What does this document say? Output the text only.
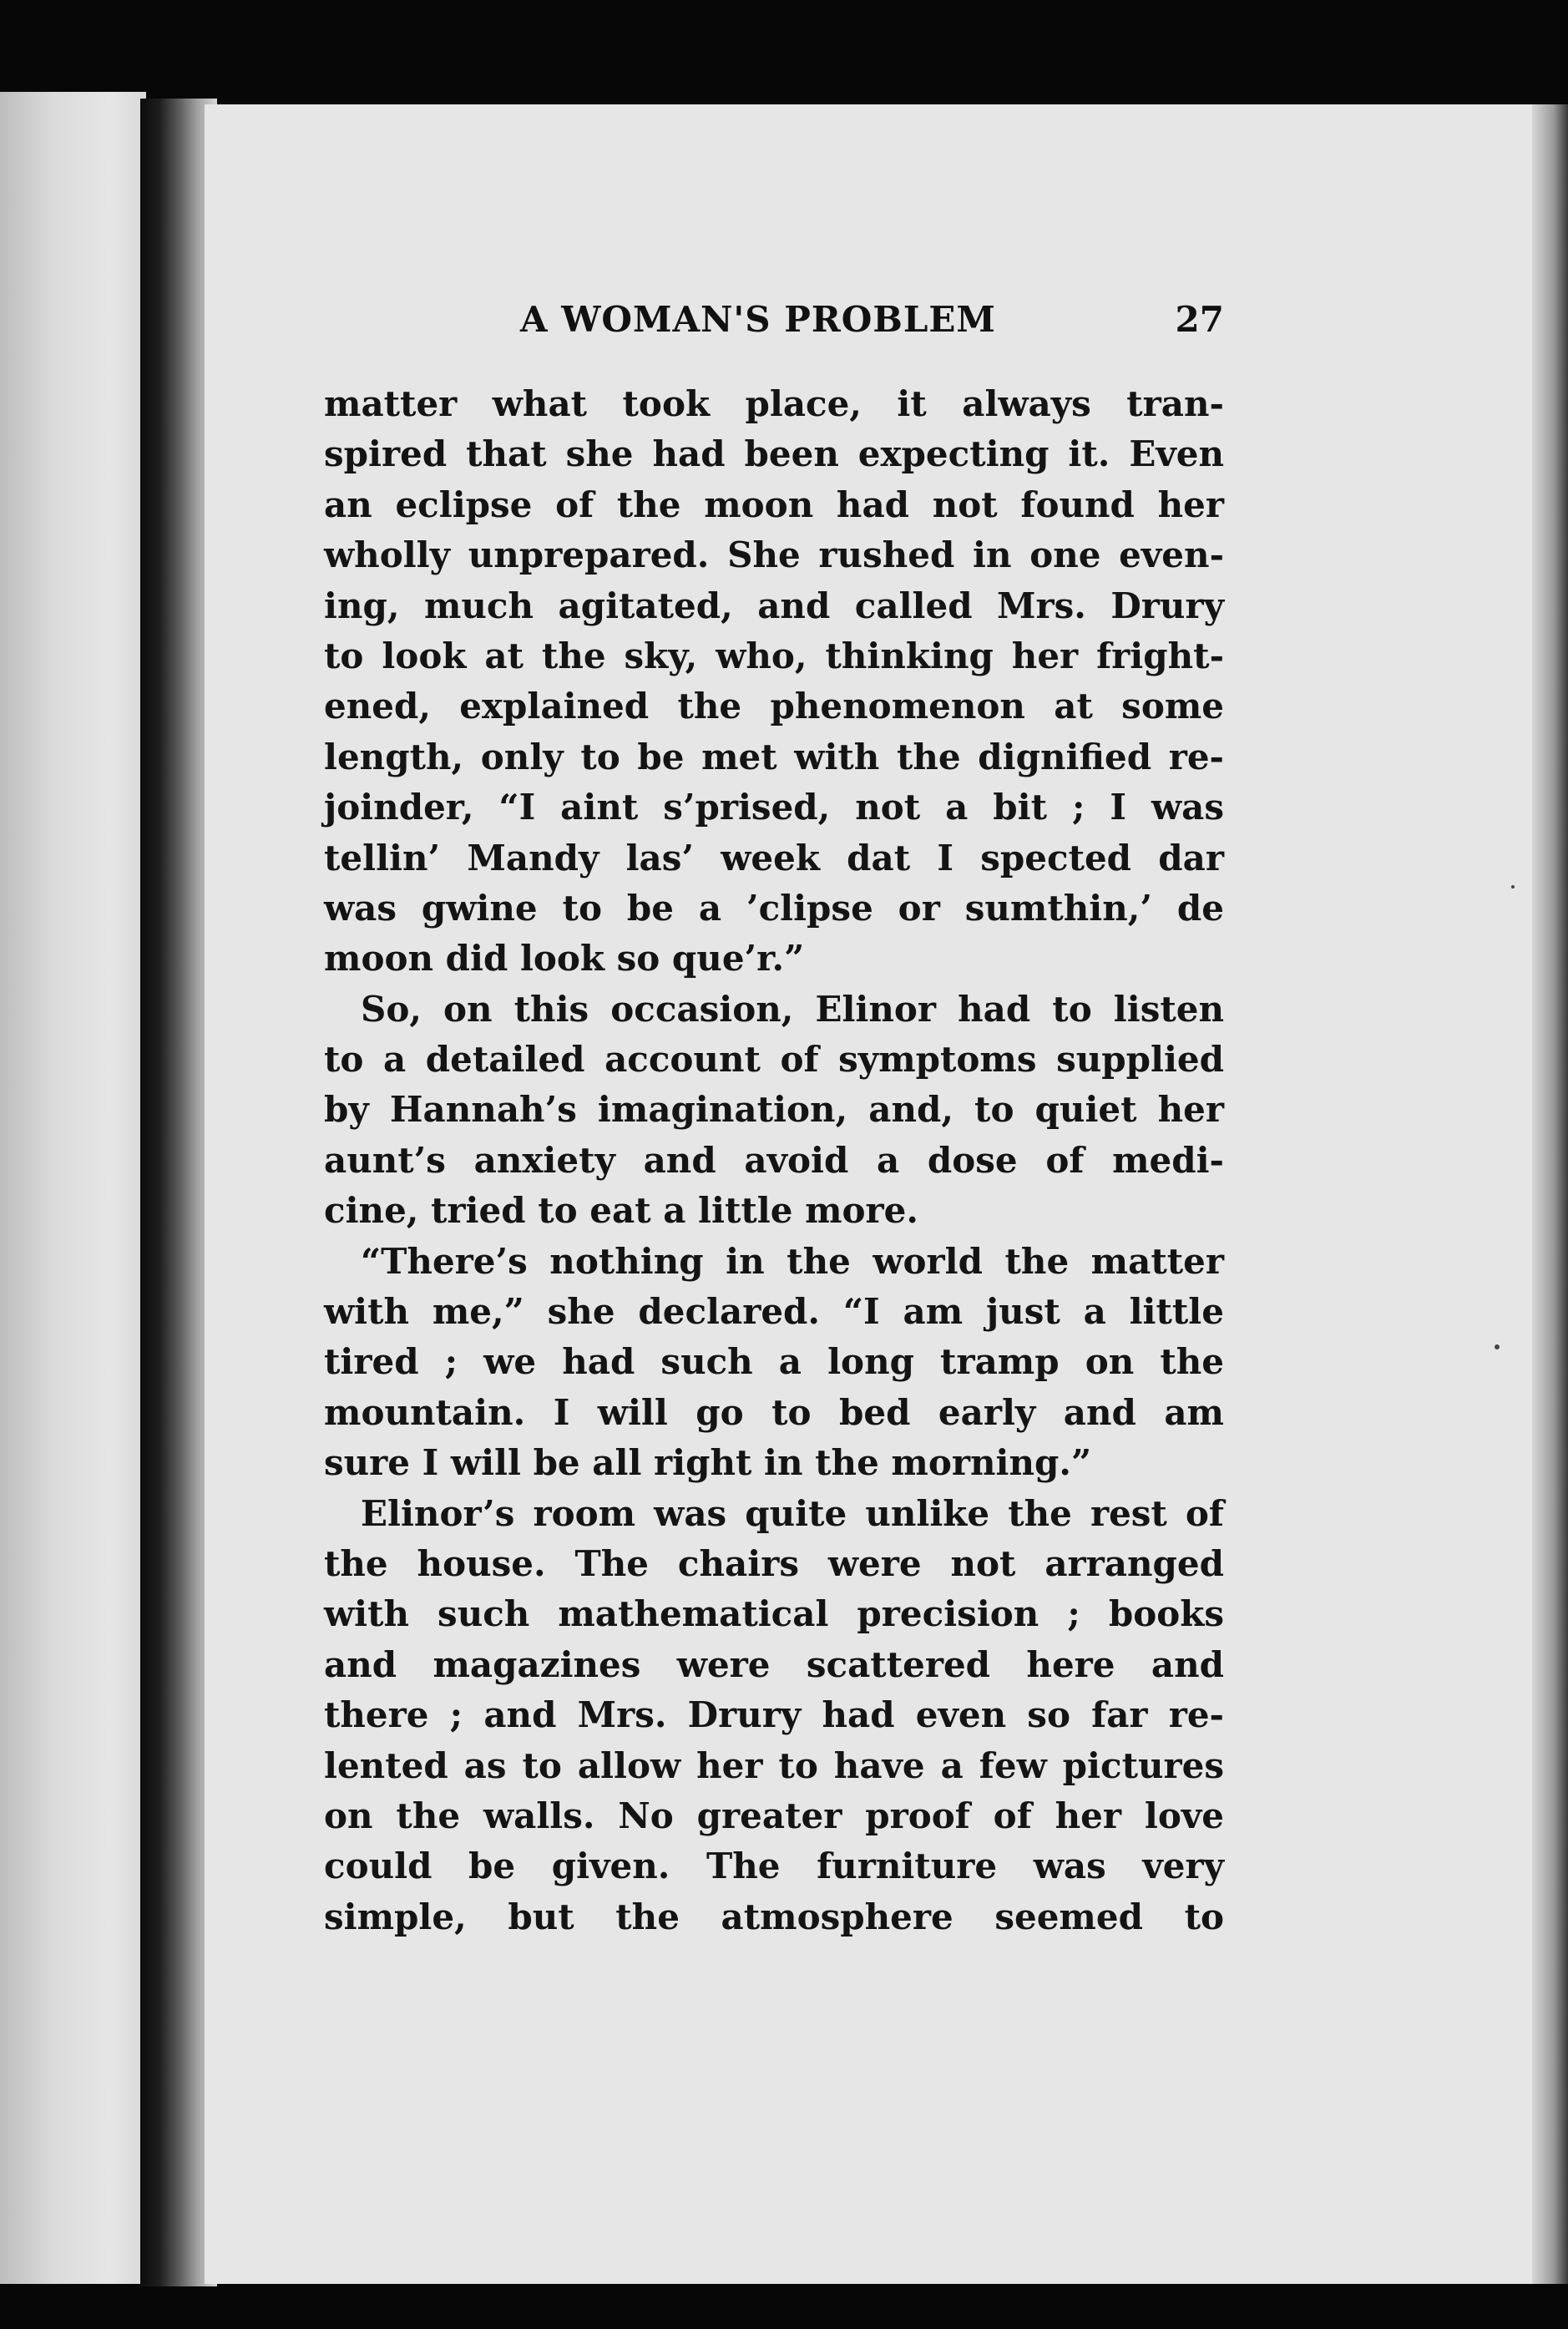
A WOMAN'S PROBLEM	27
matter what took place, it always tran-
spired that she had been expecting it. Even
an eclipse of the moon had not found her
wholly unprepared. She rushed in one even-
ing, much agitated, and called Mrs. Drury
to look at the sky, who, thinking her fright-
ened, explained the phenomenon at some
length, only to be met with the dignified re-
joinder, “I aint s’prised, not a bit ; I was
tellin’ Mandy las’ week dat I spected dar
was gwine to be a ’clipse or sumthin,’ de
moon did look so que’r.”
So, on this occasion, Elinor had to listen
to a detailed account of symptoms supplied
by Hannah’s imagination, and, to quiet her
aunt’s anxiety and avoid a dose of medi-
cine, tried to eat a little more.
“There’s nothing in the world the matter
with me,” she declared. “I am just a little
tired ; we had such a long tramp on the
mountain. I will go to bed early and am
sure I will be all right in the morning.”
Elinor’s room was quite unlike the rest of
the house. The chairs were not arranged
with such mathematical precision ; books
and magazines were scattered here and
there ; and Mrs. Drury had even so far re-
lented as to allow her to have a few pictures
on the walls. No greater proof of her love
could be given. The furniture was very
simple, but the atmosphere seemed to
